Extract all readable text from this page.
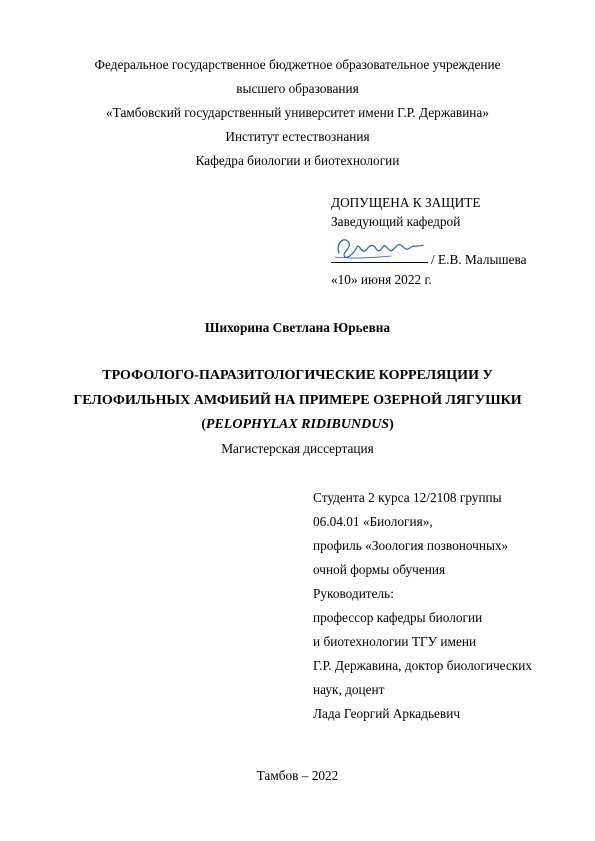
Федеральное государственное бюджетное образовательное учреждение
высшего образования
«Тамбовский государственный университет имени Г.Р. Державина»
Институт естествознания
Кафедра биологии и биотехнологии
ДОПУЩЕНА К ЗАЩИТЕ
Заведующий кафедрой
/ Е.В. Малышева
«10» июня 2022 г.
Шихорина Светлана Юрьевна
ТРОФОЛОГО-ПАРАЗИТОЛОГИЧЕСКИЕ КОРРЕЛЯЦИИ У
ГЕЛОФИЛЬНЫХ АМФИБИЙ НА ПРИМЕРЕ ОЗЕРНОЙ ЛЯГУШКИ
(PELOPHYLAX RIDIBUNDUS)
Магистерская диссертация
Студента 2 курса 12/2108 группы
06.04.01 «Биология»,
профиль «Зоология позвоночных»
очной формы обучения
Руководитель:
профессор кафедры биологии
и биотехнологии ТГУ имени
Г.Р. Державина, доктор биологических
наук, доцент
Лада Георгий Аркадьевич
Тамбов – 2022
